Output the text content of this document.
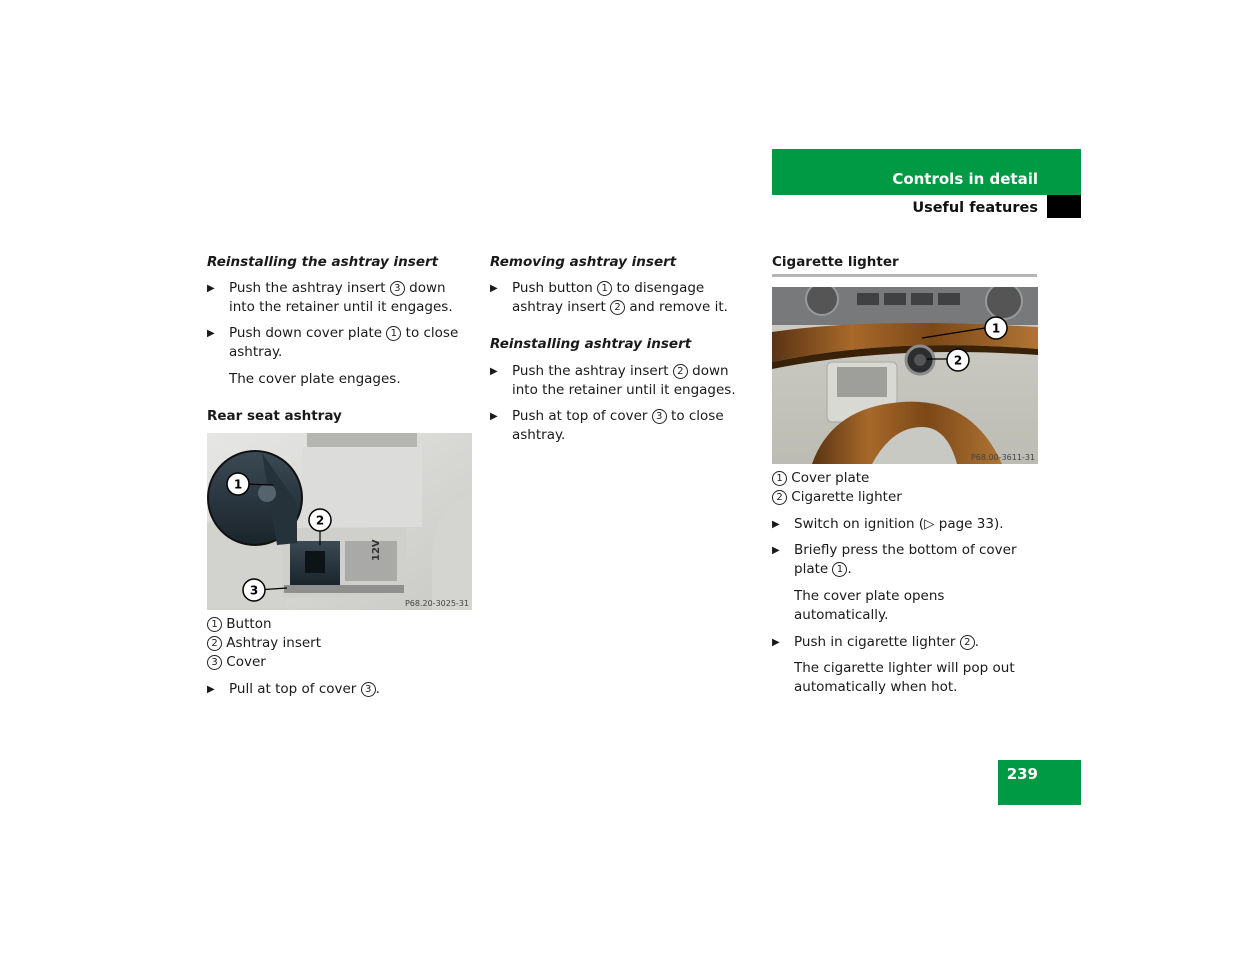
Controls in detail
Useful features

Reinstalling the ashtray insert

▶ Push the ashtray insert 3 down into the retainer until it engages.

▶ Push down cover plate 1 to close ashtray.

The cover plate engages.

Rear seat ashtray

12V
1
2
3
P68.20-3025-31

1 Button

2 Ashtray insert

3 Cover

▶ Pull at top of cover 3 .

Removing ashtray insert

▶ Push button 1 to disengage ashtray insert 2 and remove it.

Reinstalling ashtray insert

▶ Push the ashtray insert 2 down into the retainer until it engages.

▶ Push at top of cover 3 to close ashtray.

Cigarette lighter

1
2
P68.00-3611-31

1 Cover plate

2 Cigarette lighter

▶ Switch on ignition (▷ page 33).

▶ Briefly press the bottom of cover plate 1 .

The cover plate opens automatically.

▶ Push in cigarette lighter 2 .

The cigarette lighter will pop out automatically when hot.

239
